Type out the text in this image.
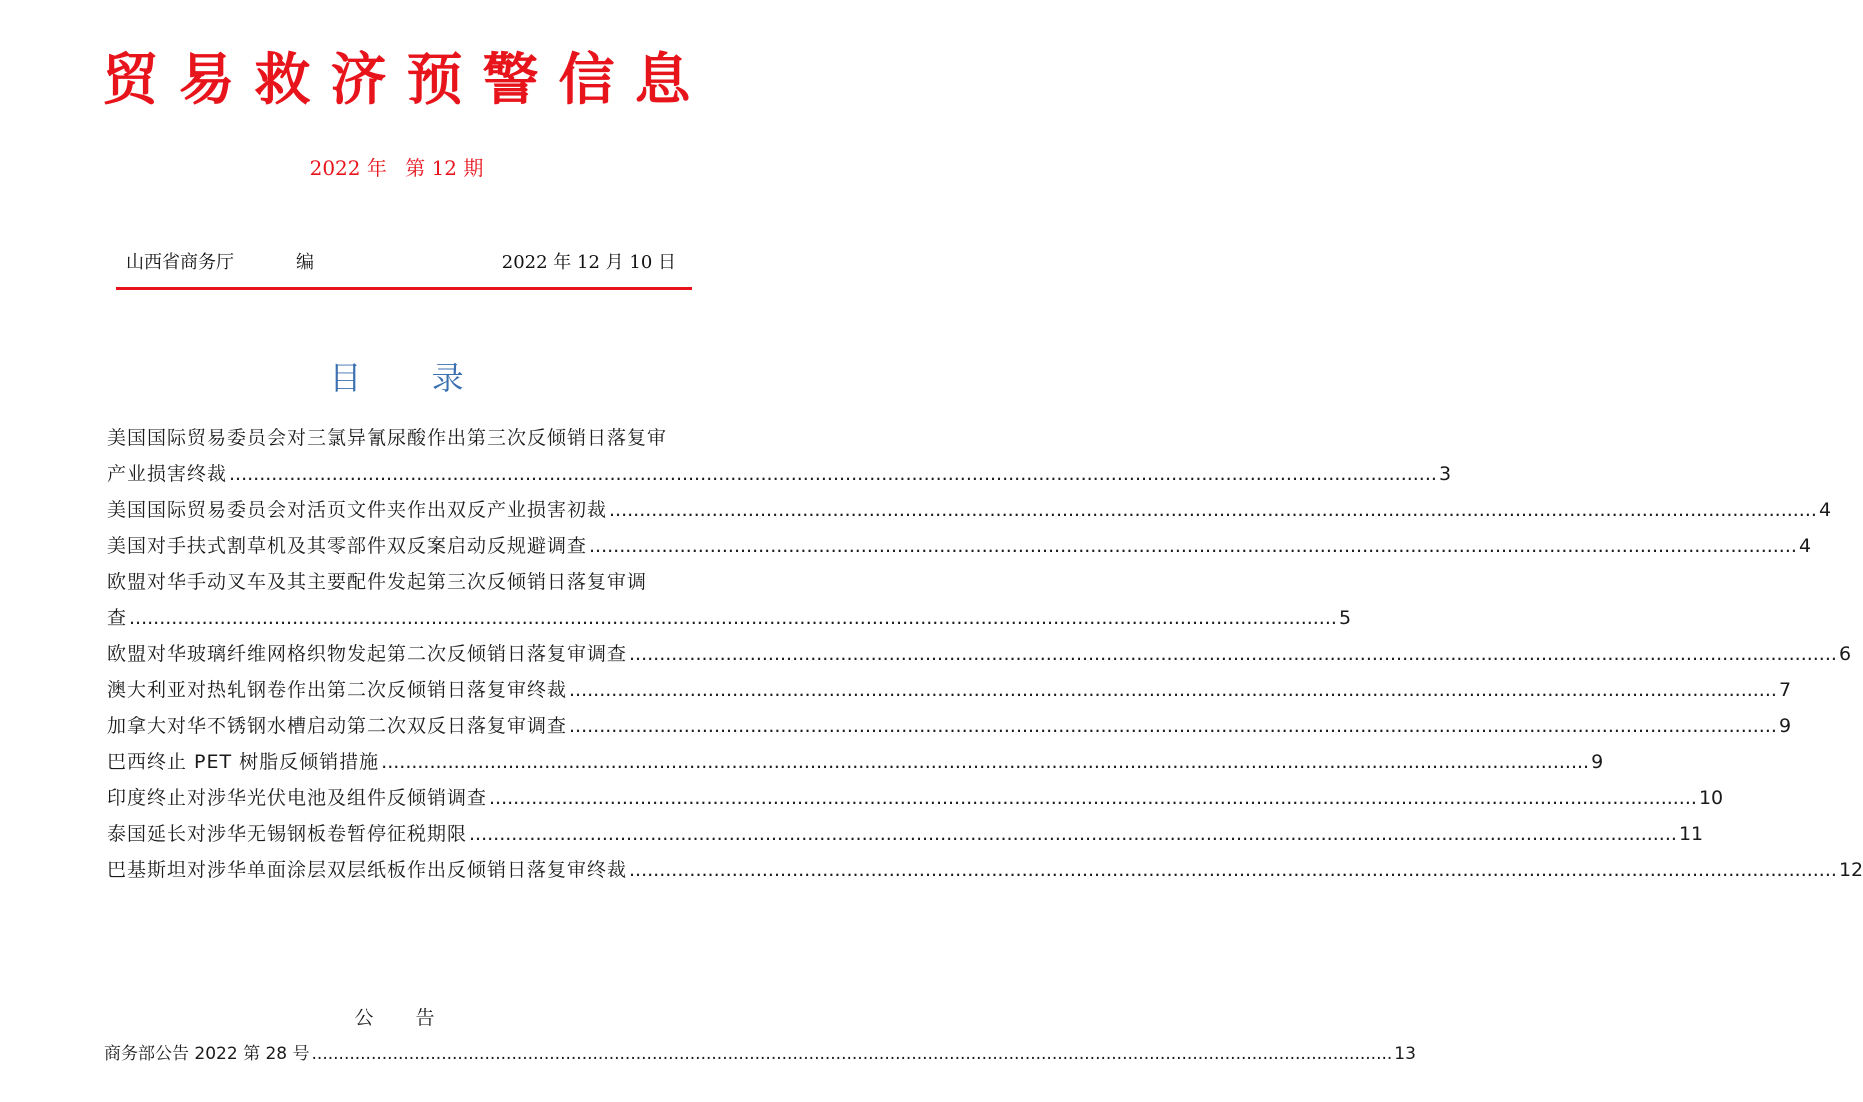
贸易救济预警信息
2022 年 第 12 期
山西省商务厅	编	2022 年 12 月 10 日
目 录
美国国际贸易委员会对三氯异氰尿酸作出第三次反倾销日落复审
产业损害终裁 ........................................................................................................................................................................................................ 3
美国国际贸易委员会对活页文件夹作出双反产业损害初裁 ........................................................................................................................................................................................................ 4
美国对手扶式割草机及其零部件双反案启动反规避调查 ........................................................................................................................................................................................................ 4
欧盟对华手动叉车及其主要配件发起第三次反倾销日落复审调
查 ........................................................................................................................................................................................................ 5
欧盟对华玻璃纤维网格织物发起第二次反倾销日落复审调查 ........................................................................................................................................................................................................ 6
澳大利亚对热轧钢卷作出第二次反倾销日落复审终裁 ........................................................................................................................................................................................................ 7
加拿大对华不锈钢水槽启动第二次双反日落复审调查 ........................................................................................................................................................................................................ 9
巴西终止 PET 树脂反倾销措施 ........................................................................................................................................................................................................ 9
印度终止对涉华光伏电池及组件反倾销调查 ........................................................................................................................................................................................................ 10
泰国延长对涉华无锡钢板卷暂停征税期限 ........................................................................................................................................................................................................ 11
巴基斯坦对涉华单面涂层双层纸板作出反倾销日落复审终裁 ........................................................................................................................................................................................................ 12
公 告
商务部公告 2022 第 28 号 ........................................................................................................................................................................................................ 13
